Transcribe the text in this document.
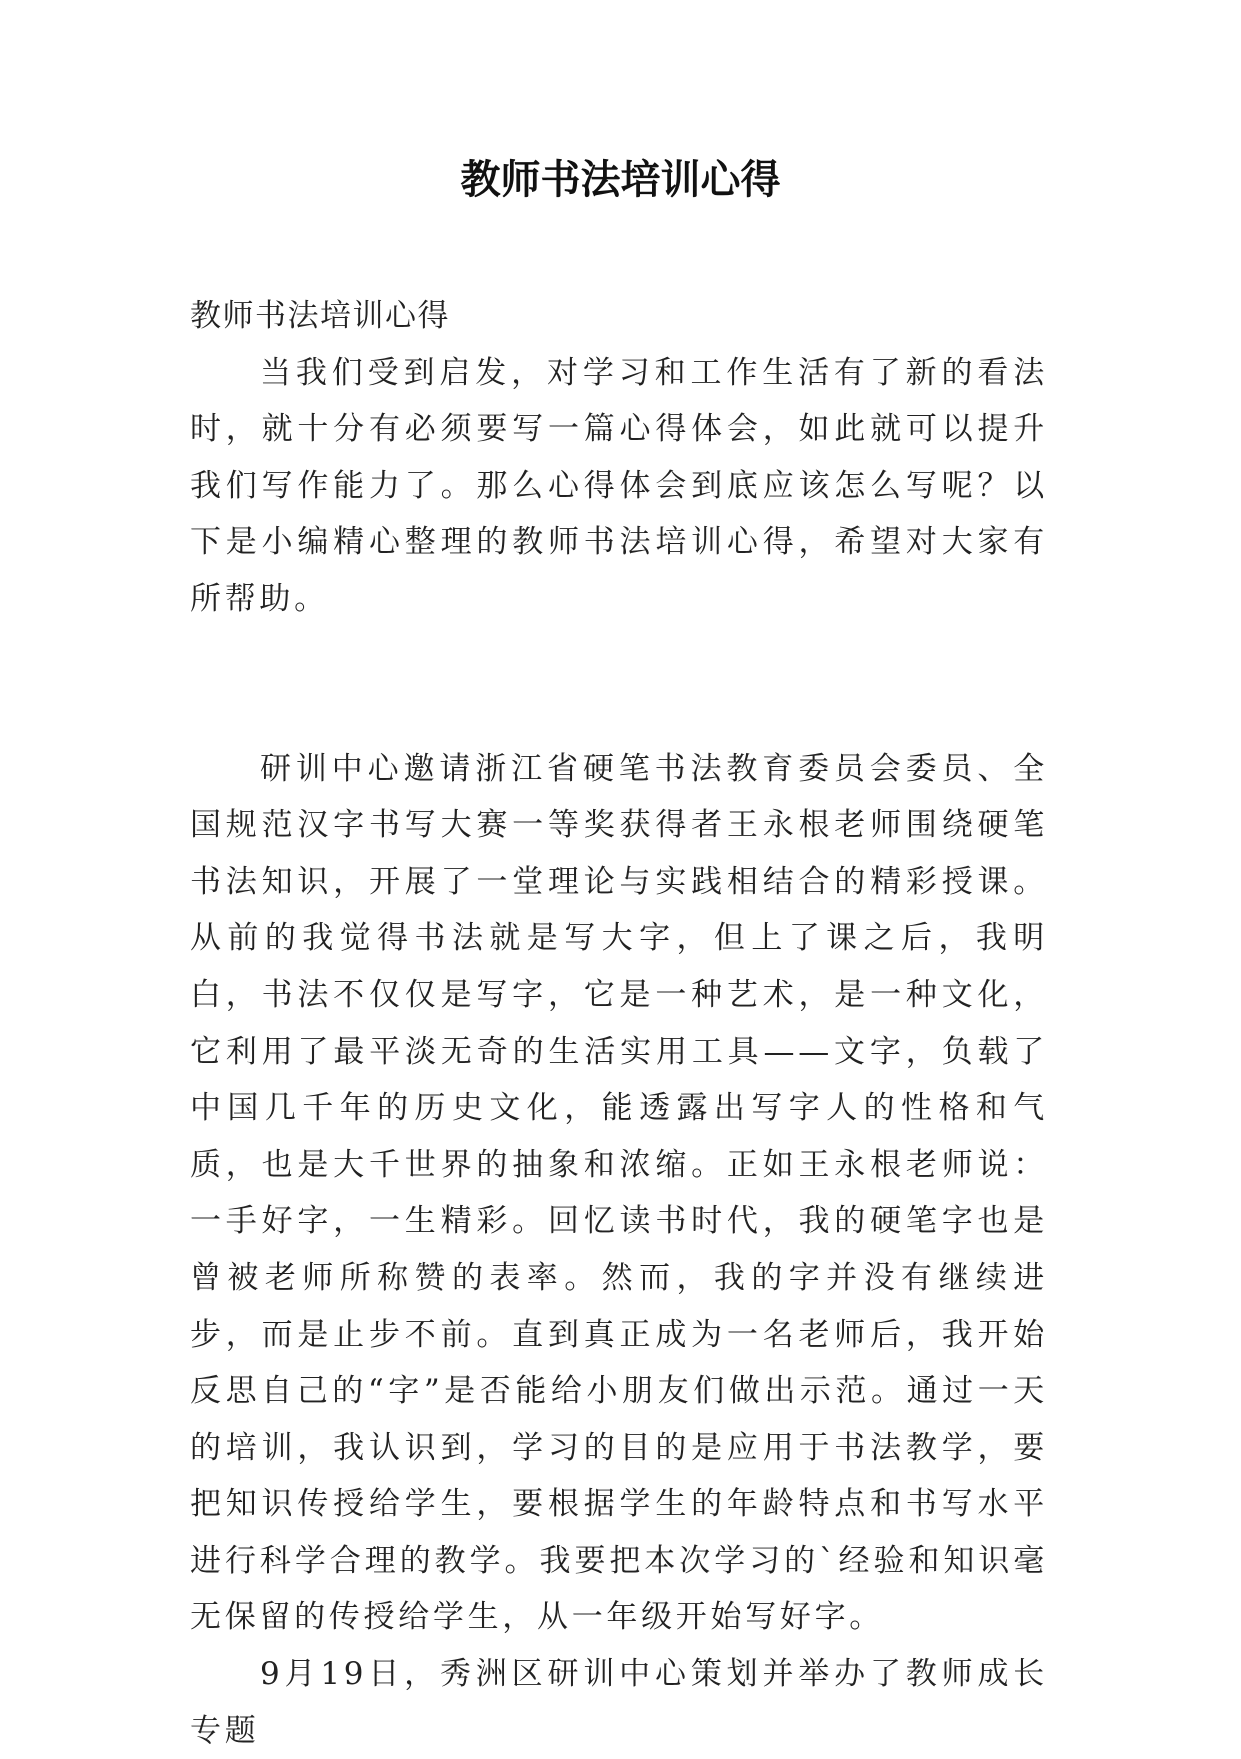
教师书法培训心得

教师书法培训心得

当我们受到启发，对学习和工作生活有了新的看法时，就十分有必须要写一篇心得体会，如此就可以提升我们写作能力了。那么心得体会到底应该怎么写呢？以下是小编精心整理的教师书法培训心得，希望对大家有所帮助。

研训中心邀请浙江省硬笔书法教育委员会委员、全国规范汉字书写大赛一等奖获得者王永根老师围绕硬笔书法知识，开展了一堂理论与实践相结合的精彩授课。从前的我觉得书法就是写大字，但上了课之后，我明白，书法不仅仅是写字，它是一种艺术，是一种文化，它利用了最平淡无奇的生活实用工具——文字，负载了中国几千年的历史文化，能透露出写字人的性格和气质，也是大千世界的抽象和浓缩。正如王永根老师说：一手好字，一生精彩。回忆读书时代，我的硬笔字也是曾被老师所称赞的表率。然而，我的字并没有继续进步，而是止步不前。直到真正成为一名老师后，我开始反思自己的“字”是否能给小朋友们做出示范。通过一天的培训，我认识到，学习的目的是应用于书法教学，要把知识传授给学生，要根据学生的年龄特点和书写水平进行科学合理的教学。我要把本次学习的`经验和知识毫无保留的传授给学生，从一年级开始写好字。

9月19日，秀洲区研训中心策划并举办了教师成长专题
